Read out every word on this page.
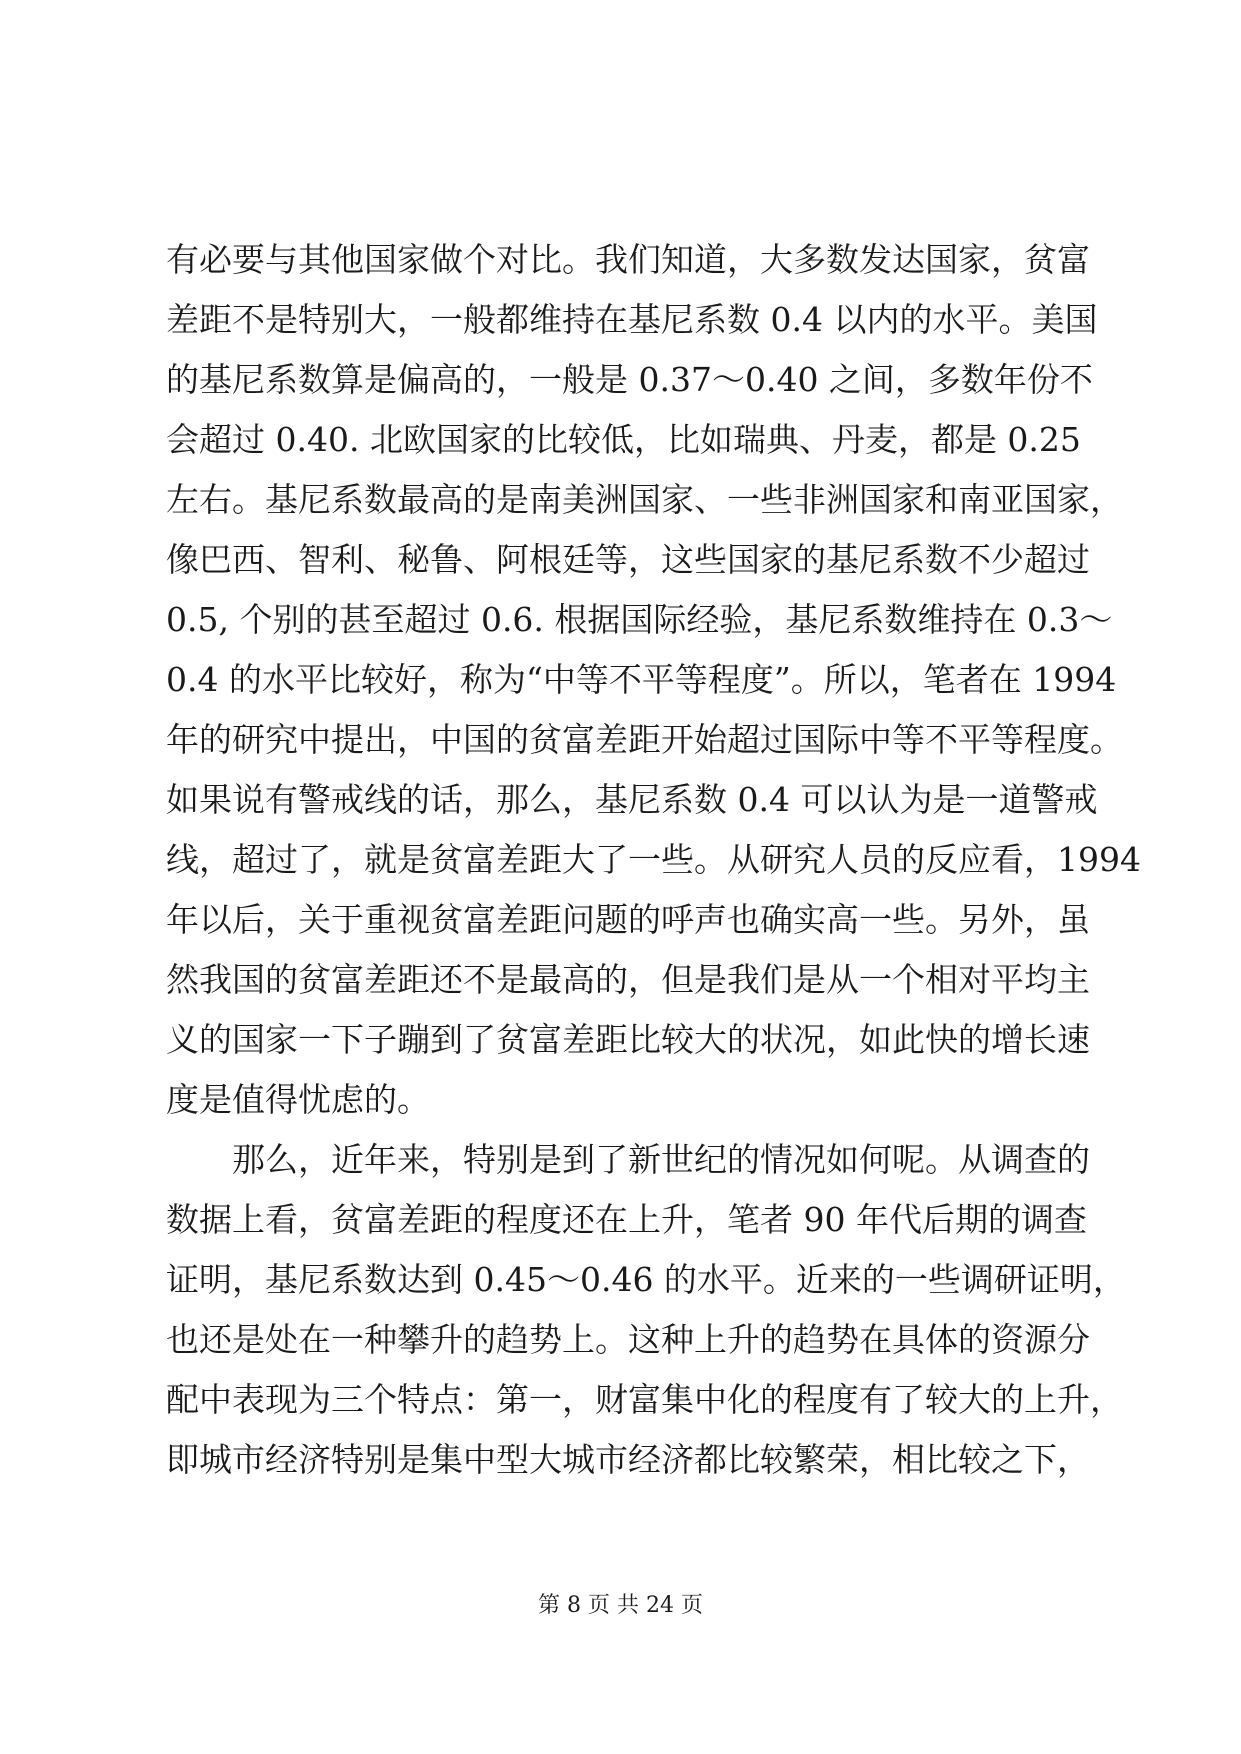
有必要与其他国家做个对比。我们知道，大多数发达国家，贫富
差距不是特别大，一般都维持在基尼系数 0.4 以内的水平。美国
的基尼系数算是偏高的，一般是 0.37～0.40 之间，多数年份不
会超过 0.40. 北欧国家的比较低，比如瑞典、丹麦，都是 0.25
左右。基尼系数最高的是南美洲国家、一些非洲国家和南亚国家，
像巴西、智利、秘鲁、阿根廷等，这些国家的基尼系数不少超过
0.5, 个别的甚至超过 0.6. 根据国际经验，基尼系数维持在 0.3～
0.4 的水平比较好，称为“中等不平等程度”。所以，笔者在 1994
年的研究中提出，中国的贫富差距开始超过国际中等不平等程度。
如果说有警戒线的话，那么，基尼系数 0.4 可以认为是一道警戒
线，超过了，就是贫富差距大了一些。从研究人员的反应看，1994
年以后，关于重视贫富差距问题的呼声也确实高一些。另外，虽
然我国的贫富差距还不是最高的，但是我们是从一个相对平均主
义的国家一下子蹦到了贫富差距比较大的状况，如此快的增长速
度是值得忧虑的。
那么，近年来，特别是到了新世纪的情况如何呢。从调查的
数据上看，贫富差距的程度还在上升，笔者 90 年代后期的调查
证明，基尼系数达到 0.45～0.46 的水平。近来的一些调研证明，
也还是处在一种攀升的趋势上。这种上升的趋势在具体的资源分
配中表现为三个特点：第一，财富集中化的程度有了较大的上升，
即城市经济特别是集中型大城市经济都比较繁荣，相比较之下，
第 8 页 共 24 页
